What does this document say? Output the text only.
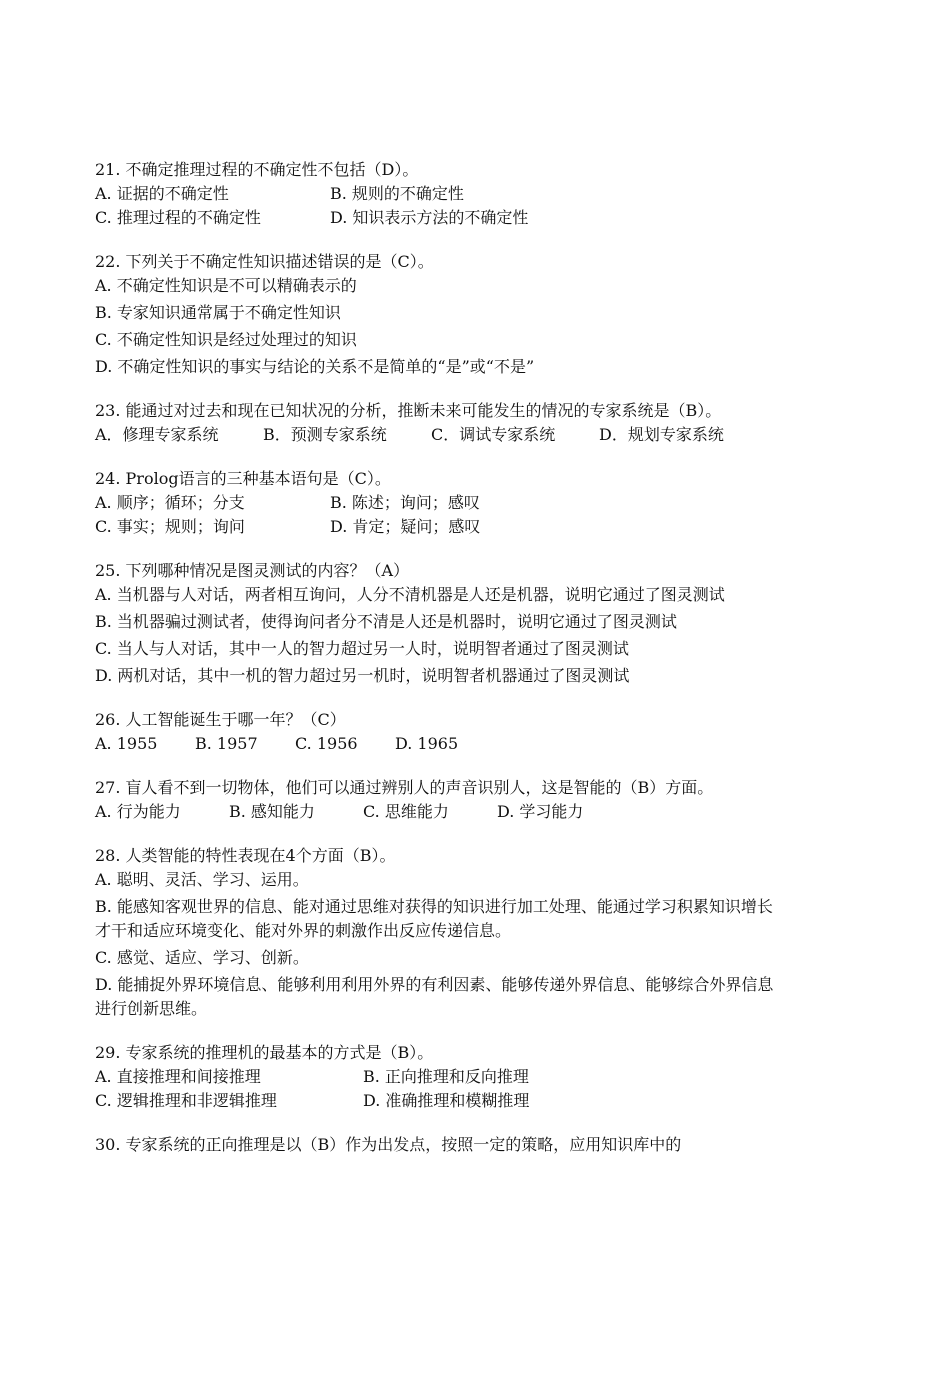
21. 不确定推理过程的不确定性不包括（D）。
A. 证据的不确定性	B. 规则的不确定性
C. 推理过程的不确定性	D. 知识表示方法的不确定性
22. 下列关于不确定性知识描述错误的是（C）。
A. 不确定性知识是不可以精确表示的
B. 专家知识通常属于不确定性知识
C. 不确定性知识是经过处理过的知识
D. 不确定性知识的事实与结论的关系不是简单的“是”或“不是”
23. 能通过对过去和现在已知状况的分析，推断未来可能发生的情况的专家系统是（B）。
A．修理专家系统	B．预测专家系统	C．调试专家系统	D．规划专家系统
24. Prolog语言的三种基本语句是（C）。
A. 顺序；循环；分支	B. 陈述；询问；感叹
C. 事实；规则；询问	D. 肯定；疑问；感叹
25. 下列哪种情况是图灵测试的内容？（A）
A. 当机器与人对话，两者相互询问，人分不清机器是人还是机器，说明它通过了图灵测试
B. 当机器骗过测试者，使得询问者分不清是人还是机器时，说明它通过了图灵测试
C. 当人与人对话，其中一人的智力超过另一人时，说明智者通过了图灵测试
D. 两机对话，其中一机的智力超过另一机时，说明智者机器通过了图灵测试
26. 人工智能诞生于哪一年？（C）
A. 1955	B. 1957	C. 1956	D. 1965
27. 盲人看不到一切物体，他们可以通过辨别人的声音识别人，这是智能的（B）方面。
A. 行为能力	B. 感知能力	C. 思维能力	D. 学习能力
28. 人类智能的特性表现在4个方面（B）。
A. 聪明、灵活、学习、运用。
B. 能感知客观世界的信息、能对通过思维对获得的知识进行加工处理、能通过学习积累知识增长才干和适应环境变化、能对外界的刺激作出反应传递信息。
C. 感觉、适应、学习、创新。
D. 能捕捉外界环境信息、能够利用利用外界的有利因素、能够传递外界信息、能够综合外界信息进行创新思维。
29. 专家系统的推理机的最基本的方式是（B）。
A. 直接推理和间接推理	B. 正向推理和反向推理
C. 逻辑推理和非逻辑推理	D. 准确推理和模糊推理
30. 专家系统的正向推理是以（B）作为出发点，按照一定的策略，应用知识库中的
